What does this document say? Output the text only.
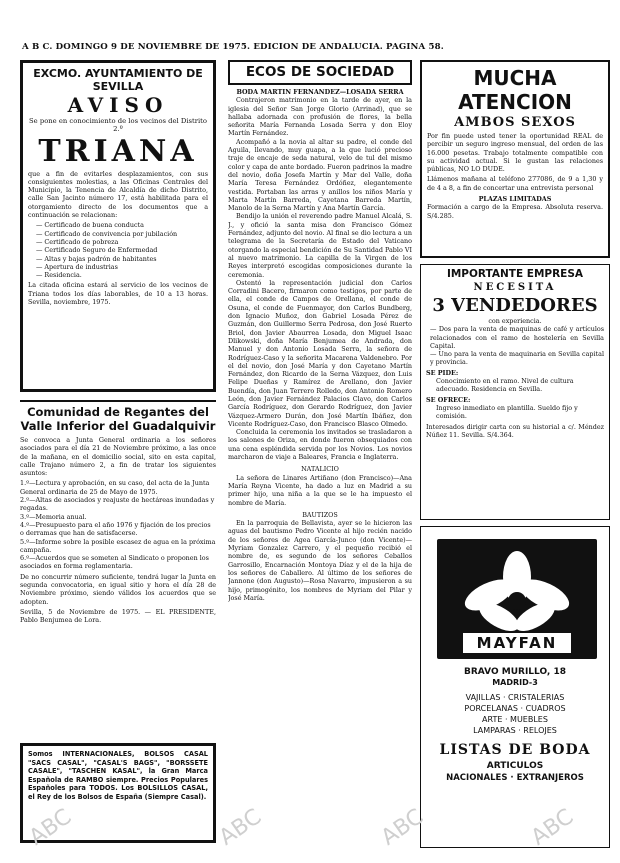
A B C. DOMINGO 9 DE NOVIEMBRE DE 1975. EDICION DE ANDALUCIA. PAGINA 58.
EXCMO. AYUNTAMIENTO DE
SEVILLA
AVISO

Se pone en conocimiento de los vecinos del Distrito 2.º

TRIANA

que a fin de evitarles desplazamientos, con sus consiguientes molestias, a las Oficinas Centrales del Municipio, la Tenencia de Alcaldía de dicho Distrito, calle San Jacinto número 17, está habilitada para el otorgamiento directo de los documentos que a continuación se relacionan:

— Certificado de buena conducta
— Certificado de convivencia por jubilación
— Certificado de pobreza
— Certificado Seguro de Enfermedad
— Altas y bajas padrón de habitantes
— Apertura de industrias
— Residencia.

La citada oficina estará al servicio de los vecinos de Triana todos los días laborables, de 10 a 13 horas. Sevilla, noviembre, 1975.

Comunidad de Regantes del
Valle Inferior del Guadalquivir

Se convoca a Junta General ordinaria a los señores asociados para el día 21 de Noviembre próximo, a las once de la mañana, en el domicilio social, sito en esta capital, calle Trajano número 2, a fin de tratar los siguientes asuntos:

1.º—Lectura y aprobación, en su caso, del acta de la Junta General ordinaria de 25 de Mayo de 1975.

2.º—Altas de asociados y reajuste de hectáreas inundadas y regadas.

3.º—Memoria anual.

4.º—Presupuesto para el año 1976 y fijación de los precios o derramas que han de satisfacerse.

5.º—Informe sobre la posible escasez de agua en la próxima campaña.

6.º—Acuerdos que se someten al Sindicato o proponen los asociados en forma reglamentaria.

De no concurrir número suficiente, tendrá lugar la Junta en segunda convocatoria, en igual sitio y hora el día 28 de Noviembre próximo, siendo válidos los acuerdos que se adopten.

Sevilla, 5 de Noviembre de 1975. — EL PRESIDENTE, Pablo Benjumea de Lora.

Somos INTERNACIONALES, BOLSOS CASAL "SACS CASAL", "CASAL'S BAGS", "BORSSETE CASALE", "TASCHEN KASAL", la Gran Marca Española de RAMBO siempre. Precios Populares Españoles para TODOS. Los BOLSILLOS CASAL, el Rey de los Bolsos de España (Siempre Casal).

ECOS DE SOCIEDAD
BODA MARTIN FERNANDEZ—LOSADA SERRA

Contrajeron matrimonio en la tarde de ayer, en la iglesia del Señor San Jorge Glorio (Arrinad), que se hallaba adornada con profusión de flores, la bella señorita María Fernanda Losada Serra y don Eloy Martín Fernández.

Acompañó a la novia al altar su padre, el conde del Aguila, llevando, muy guapa, a la que lució precioso traje de encaje de seda natural, velo de tul del mismo color y capa de ante bordado. Fueron padrinos la madre del novio, doña Josefa Martín y Mar del Valle, doña María Teresa Fernández Ordóñez, elegantemente vestida. Portaban las arras y anillos los niños María y Marta Martín Barreda, Cayetana Barreda Martín, Manolo de la Serna Martín y Ana Martín García.

Bendijo la unión el reverendo padre Manuel Alcalá, S. J., y ofició la santa misa don Francisco Gómez Fernández, adjunto del novio. Al final se dio lectura a un telegrama de la Secretaría de Estado del Vaticano otorgando la especial bendición de Su Santidad Pablo VI al nuevo matrimonio. La capilla de la Virgen de los Reyes interpretó escogidas composiciones durante la ceremonia.

Ostentó la representación judicial don Carlos Corradini Bacero, firmaron como testigos, por parte de ella, el conde de Campos de Orellana, el conde de Osuna, el conde de Fuenmayor, don Carlos Bundberg, don Ignacio Muñoz, don Gabriel Losada Pérez de Guzmán, don Guillermo Serra Pedrosa, don José Ruerto Briol, don Javier Abaurrea Losada, don Miguel Isaac Dlikowski, doña María Benjumea de Andrada, don Manuel y don Antonio Losada Serra, la señora de Rodríguez-Caso y la señorita Macarena Valdenebro. Por el del novio, don José María y don Cayetano Martín Fernández, don Ricardo de la Serna Vázquez, don Luis Felipe Dueñas y Ramírez de Arellano, don Javier Buendía, don Juan Terrero Rolledo, don Antonio Romero León, don Javier Fernández Palacios Clavo, don Carlos García Rodríguez, don Gerardo Rodríguez, don Javier Vázquez-Armero Durán, don José Martín Ibáñez, don Vicente Rodríguez-Caso, don Francisco Blasco Olmedo.

Concluida la ceremonia los invitados se trasladaron a los salones de Oriza, en donde fueron obsequiados con una cena espléndida servida por los Novios. Los novios marcharon de viaje a Baleares, Francia e Inglaterra.

NATALICIO

La señora de Linares Artiñano (don Francisco)—Ana María Reyna Vicente, ha dado a luz en Madrid a su primer hijo, una niña a la que se le ha impuesto el nombre de María.

BAUTIZOS

En la parroquia de Bellavista, ayer se le hicieron las aguas del bautismo Pedro Vicente al hijo recién nacido de los señores de Agea García-Junco (don Vicente)—Myriam Gonzalez Carrero, y el pequeño recibió el nombre de, es segundo de los señores Ceballos Garrosillo, Encarnación Montoya Díaz y el de la hija de los señores de Caballero. Al último de los señores de Jannone (don Augusto)—Rosa Navarro, impusieron a su hijo, primogénito, los nombres de Myriam del Pilar y José María.

MUCHA ATENCION
AMBOS SEXOS

Por fin puede usted tener la oportunidad REAL de percibir un seguro ingreso mensual, del orden de las 16.000 pesetas. Trabajo totalmente compatible con su actividad actual. Si le gustan las relaciones públicas, NO LO DUDE.

Llámenos mañana al teléfono 277086, de 9 a 1,30 y de 4 a 8, a fin de concertar una entrevista personal

PLAZAS LIMITADAS

Formación a cargo de la Empresa. Absoluta reserva. S/4.285.

IMPORTANTE EMPRESA
NECESITA
3 VENDEDORES
con experiencia.
— Dos para la venta de maquinas de café y artículos relacionados con el ramo de hostelería en Sevilla Capital.
— Uno para la venta de maquinaria en Sevilla capital y provincia.
SE PIDE:

Conocimiento en el ramo. Nivel de cultura adecuado. Residencia en Sevilla.

SE OFRECE:

Ingreso inmediato en plantilla. Sueldo fijo y comisión.

Interesados dirigir carta con su historial a c/. Méndez Núñez 11. Sevilla. S/4.364.

MAYFAN
BRAVO MURILLO, 18
MADRID-3
VAJILLAS · CRISTALERIAS
PORCELANAS · CUADROS
ARTE · MUEBLES
LAMPARAS · RELOJES
LISTAS DE BODA
ARTICULOS
NACIONALES · EXTRANJEROS
ABC	ABC	ABC	ABC
